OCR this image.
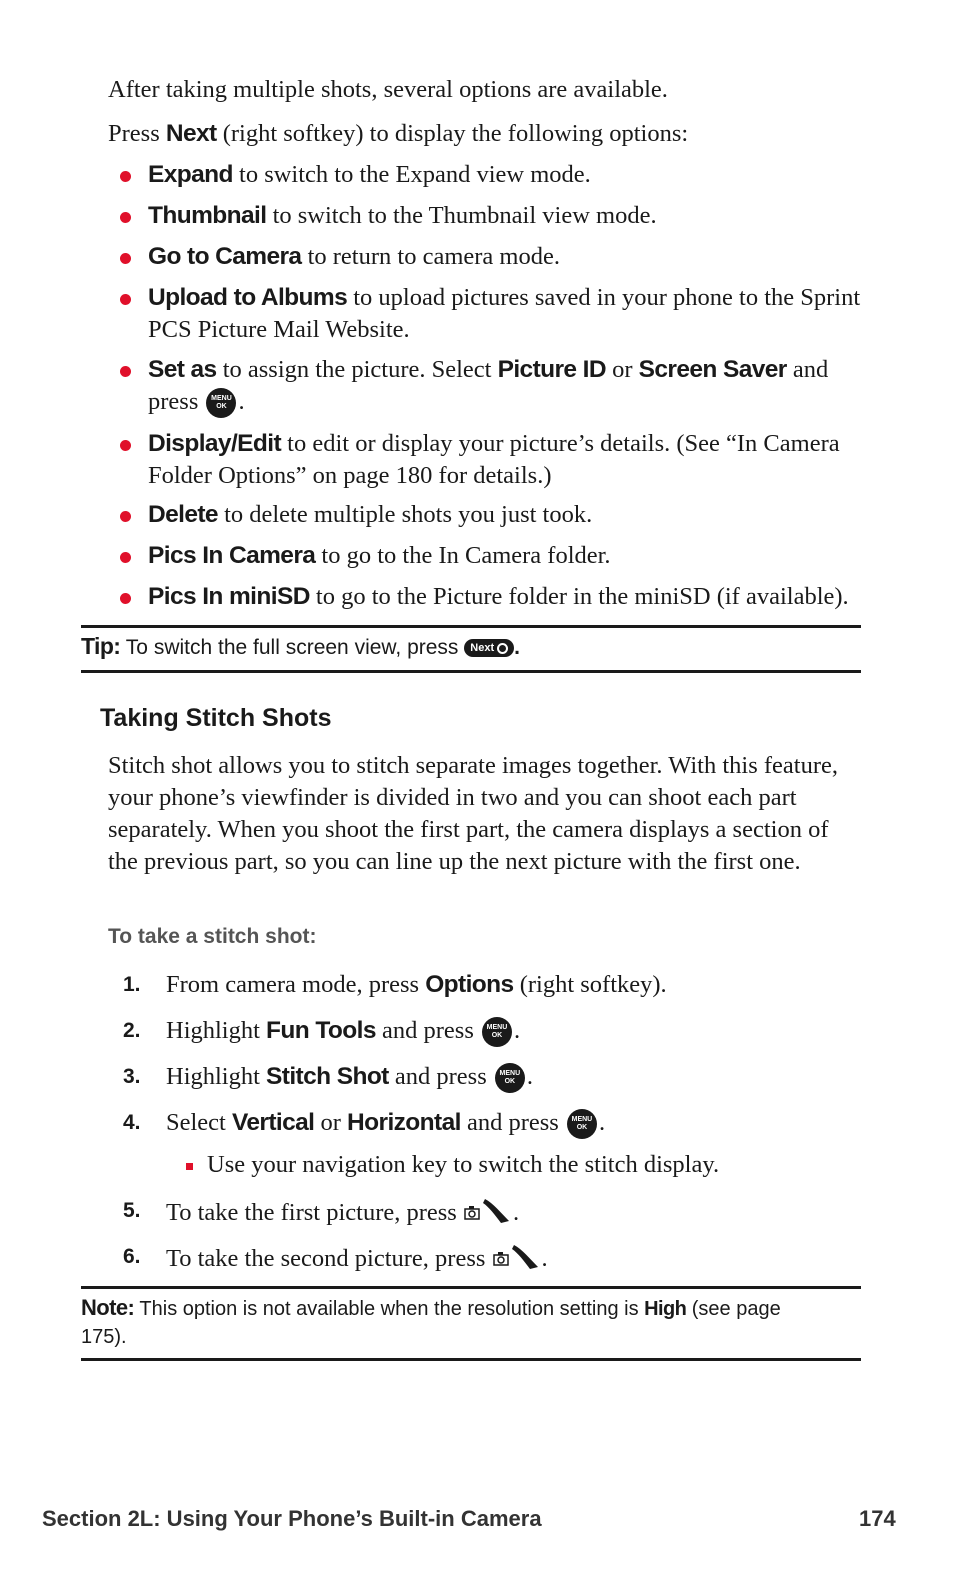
After taking multiple shots, several options are available.

Press Next (right softkey) to display the following options:

Expand to switch to the Expand view mode.
Thumbnail to switch to the Thumbnail view mode.
Go to Camera to return to camera mode.
Upload to Albums to upload pictures saved in your phone to the Sprint PCS Picture Mail Website.
Set as to assign the picture. Select Picture ID or Screen Saver and press MENU
OK .
Display/Edit to edit or display your picture’s details. (See “In Camera Folder Options” on page 180 for details.)
Delete to delete multiple shots you just took.
Pics In Camera to go to the In Camera folder.
Pics In miniSD to go to the Picture folder in the miniSD (if available).
Tip: To switch the full screen view, press Next .
Taking Stitch Shots

Stitch shot allows you to stitch separate images together. With this feature, your phone’s viewfinder is divided in two and you can shoot each part separately. When you shoot the first part, the camera displays a section of the previous part, so you can line up the next picture with the first one.

To take a stitch shot:
1. From camera mode, press Options (right softkey).
2. Highlight Fun Tools and press MENU
OK .
3. Highlight Stitch Shot and press MENU
OK .
4. Select Vertical or Horizontal and press MENU
OK .
Use your navigation key to switch the stitch display.
5. To take the first picture, press .
6. To take the second picture, press .
Note: This option is not available when the resolution setting is High (see page 175).
Section 2L: Using Your Phone’s Built-in Camera	174
